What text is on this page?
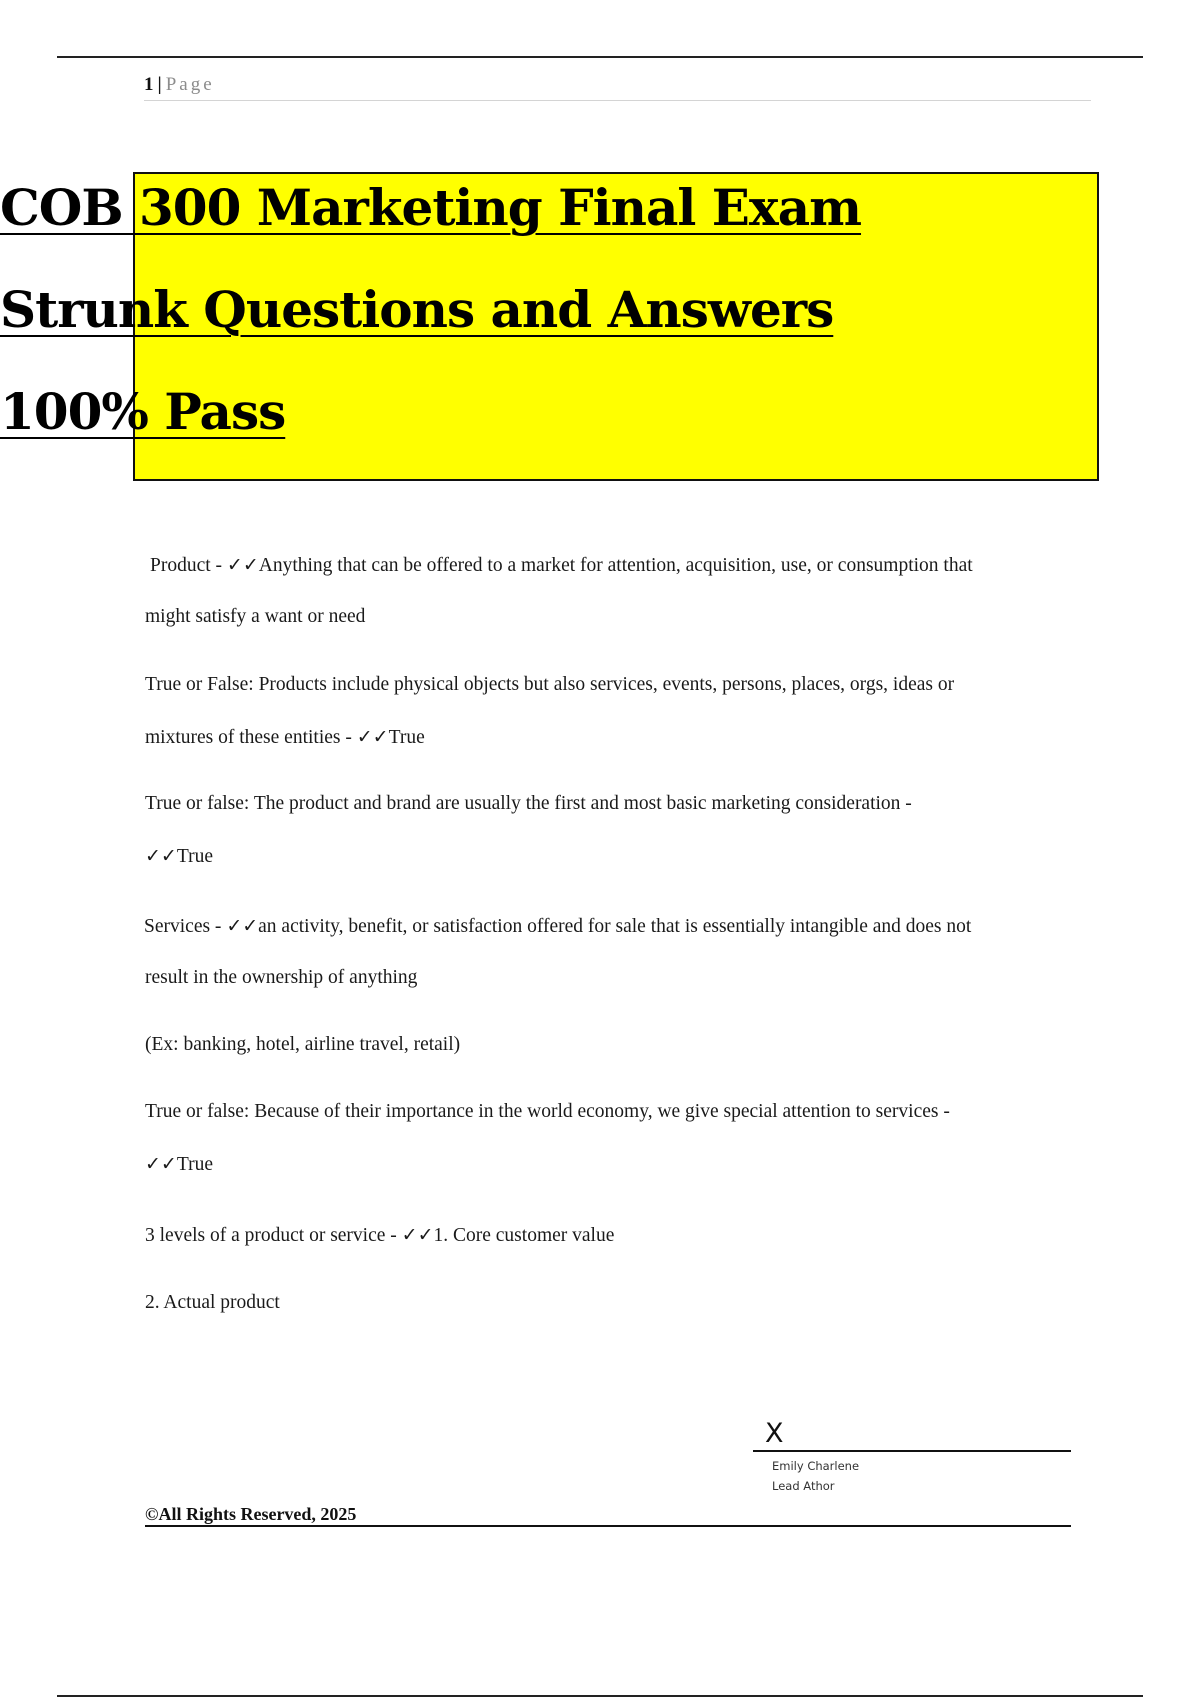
1 | Page
COB 300 Marketing Final Exam
Strunk Questions and Answers
100% Pass
Product - ✓✓Anything that can be offered to a market for attention, acquisition, use, or consumption that
might satisfy a want or need
True or False: Products include physical objects but also services, events, persons, places, orgs, ideas or
mixtures of these entities - ✓✓True
True or false: The product and brand are usually the first and most basic marketing consideration -
✓✓True
Services - ✓✓an activity, benefit, or satisfaction offered for sale that is essentially intangible and does not
result in the ownership of anything
(Ex: banking, hotel, airline travel, retail)
True or false: Because of their importance in the world economy, we give special attention to services -
✓✓True
3 levels of a product or service - ✓✓1. Core customer value
2. Actual product
X
Emily Charlene
Lead Athor
©All Rights Reserved, 2025
